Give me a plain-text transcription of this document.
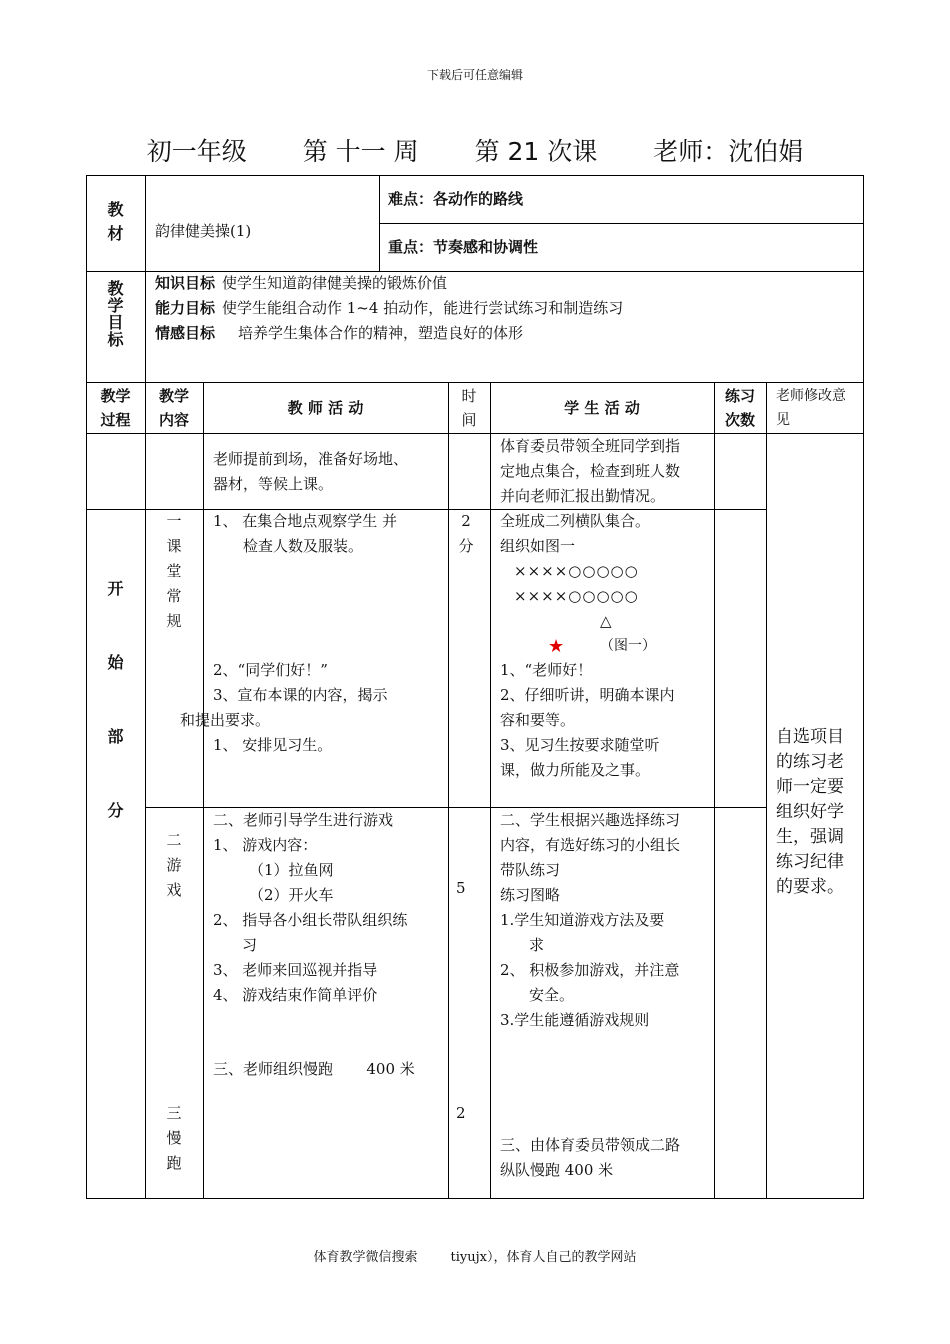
下载后可任意编辑
初一年级 第 十一 周 第 21 次课 老师：沈伯娟
教
材	韵律健美操(1)
难点：各动作的路线
重点：节奏感和协调性
教
学
目
标
知识目标 使学生知道韵律健美操的锻炼价值
能力目标 使学生能组合动作 1~4 拍动作，能进行尝试练习和制造练习
情感目标 培养学生集体合作的精神，塑造良好的体形
教学
过程
教学
内容
教 师 活 动
时
间
学 生 活 动
练习
次数
老师修改意
见
老师提前到场，准备好场地、
器材，等候上课。
体育委员带领全班同学到指
定地点集合，检查到班人数
并向老师汇报出勤情况。
开
始
部
分
一
课
堂
常
规
1、 在集合地点观察学生 并
检查人数及服装。
2
分
全班成二列横队集合。
组织如图一
××××○○○○○
××××○○○○○
△
★	（图一）
2、“同学们好！”
3、宣布本课的内容，揭示
和提出要求。
1、 安排见习生。
1、“老师好！
2、仔细听讲，明确本课内
容和要等。
3、见习生按要求随堂听
课，做力所能及之事。
自选项目
的练习老
师一定要
组织好学
生，强调
练习纪律
的要求。
二
游
戏
二、老师引导学生进行游戏
1、 游戏内容：
（1）拉鱼网
（2）开火车
2、 指导各小组长带队组织练
习
3、 老师来回巡视并指导
4、 游戏结束作简单评价
5
二、学生根据兴趣选择练习
内容，有选好练习的小组长
带队练习
练习图略
1.学生知道游戏方法及要
求
2、 积极参加游戏，并注意
安全。
3.学生能遵循游戏规则
三
慢
跑
三、老师组织慢跑       400 米
2
三、由体育委员带领成二路
纵队慢跑 400 米
体育教学微信搜索        tiyujx），体育人自己的教学网站
